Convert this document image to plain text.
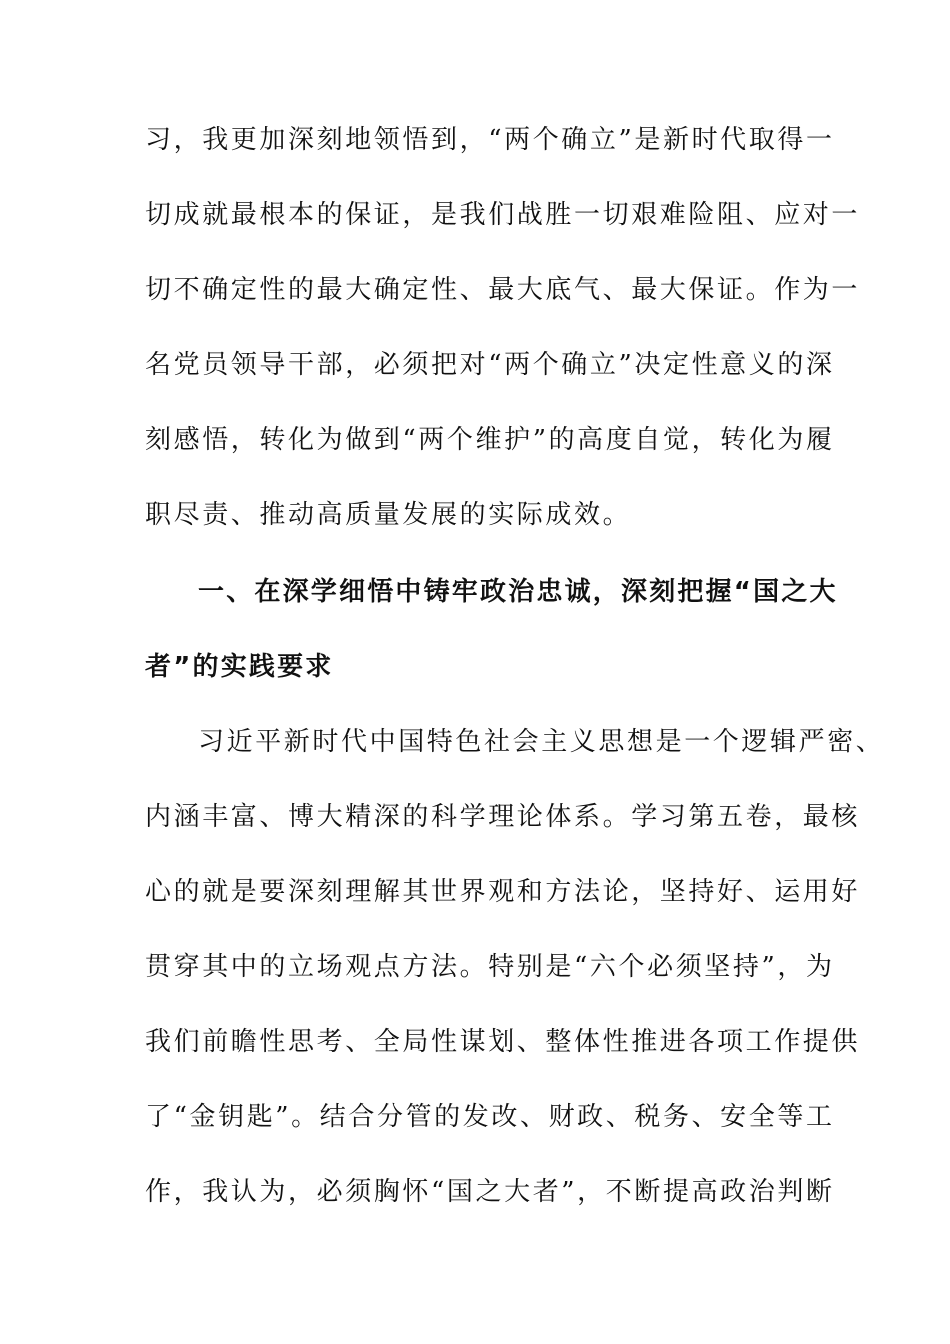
习，我更加深刻地领悟到，“两个确立”是新时代取得一
切成就最根本的保证，是我们战胜一切艰难险阻、应对一
切不确定性的最大确定性、最大底气、最大保证。作为一
名党员领导干部，必须把对“两个确立”决定性意义的深
刻感悟，转化为做到“两个维护”的高度自觉，转化为履
职尽责、推动高质量发展的实际成效。
一、在深学细悟中铸牢政治忠诚，深刻把握“国之大
者”的实践要求
习近平新时代中国特色社会主义思想是一个逻辑严密、
内涵丰富、博大精深的科学理论体系。学习第五卷，最核
心的就是要深刻理解其世界观和方法论，坚持好、运用好
贯穿其中的立场观点方法。特别是“六个必须坚持”，为
我们前瞻性思考、全局性谋划、整体性推进各项工作提供
了“金钥匙”。结合分管的发改、财政、税务、安全等工
作，我认为，必须胸怀“国之大者”，不断提高政治判断
